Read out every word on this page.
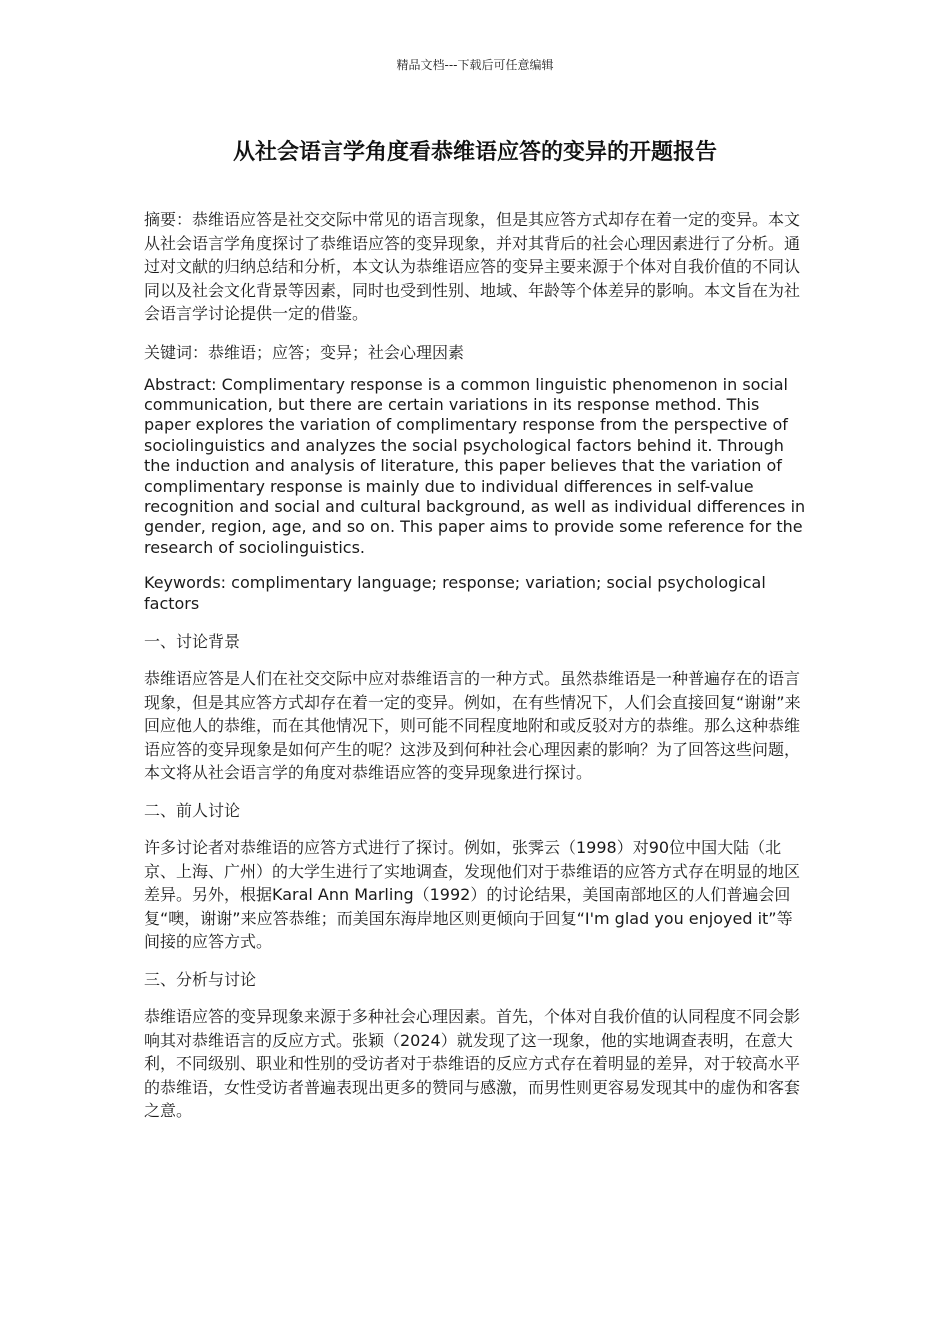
精品文档---下载后可任意编辑
从社会语言学角度看恭维语应答的变异的开题报告

摘要：恭维语应答是社交交际中常见的语言现象，但是其应答方式却存在着一定的变异。本文从社会语言学角度探讨了恭维语应答的变异现象，并对其背后的社会心理因素进行了分析。通过对文献的归纳总结和分析，本文认为恭维语应答的变异主要来源于个体对自我价值的不同认同以及社会文化背景等因素，同时也受到性别、地域、年龄等个体差异的影响。本文旨在为社会语言学讨论提供一定的借鉴。

关键词：恭维语；应答；变异；社会心理因素

Abstract: Complimentary response is a common linguistic phenomenon in social communication, but there are certain variations in its response method. This paper explores the variation of complimentary response from the perspective of sociolinguistics and analyzes the social psychological factors behind it. Through the induction and analysis of literature, this paper believes that the variation of complimentary response is mainly due to individual differences in self-value recognition and social and cultural background, as well as individual differences in gender, region, age, and so on. This paper aims to provide some reference for the research of sociolinguistics.

Keywords: complimentary language; response; variation; social psychological factors

一、讨论背景

恭维语应答是人们在社交交际中应对恭维语言的一种方式。虽然恭维语是一种普遍存在的语言现象，但是其应答方式却存在着一定的变异。例如，在有些情况下，人们会直接回复“谢谢”来回应他人的恭维，而在其他情况下，则可能不同程度地附和或反驳对方的恭维。那么这种恭维语应答的变异现象是如何产生的呢？这涉及到何种社会心理因素的影响？为了回答这些问题，本文将从社会语言学的角度对恭维语应答的变异现象进行探讨。

二、前人讨论

许多讨论者对恭维语的应答方式进行了探讨。例如，张霁云（1998）对90位中国大陆（北京、上海、广州）的大学生进行了实地调查，发现他们对于恭维语的应答方式存在明显的地区差异。另外，根据Karal Ann Marling（1992）的讨论结果，美国南部地区的人们普遍会回复“噢，谢谢”来应答恭维；而美国东海岸地区则更倾向于回复“I'm glad you enjoyed it”等间接的应答方式。

三、分析与讨论

恭维语应答的变异现象来源于多种社会心理因素。首先，个体对自我价值的认同程度不同会影响其对恭维语言的反应方式。张颖（2024）就发现了这一现象，他的实地调查表明，在意大利，不同级别、职业和性别的受访者对于恭维语的反应方式存在着明显的差异，对于较高水平的恭维语，女性受访者普遍表现出更多的赞同与感激，而男性则更容易发现其中的虚伪和客套之意。
